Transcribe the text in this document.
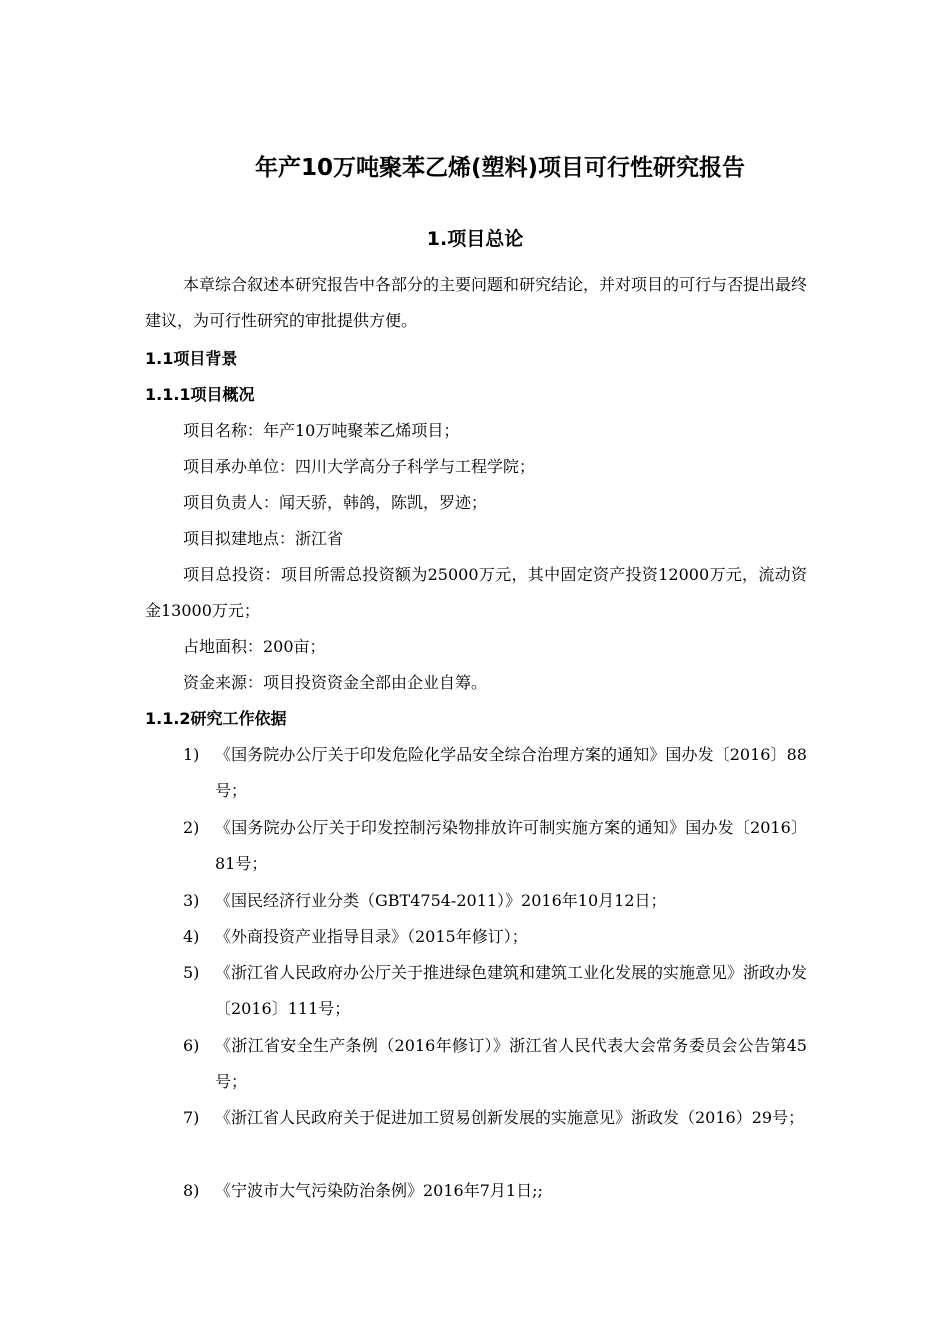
年产10万吨聚苯乙烯(塑料)项目可行性研究报告
1.项目总论

本章综合叙述本研究报告中各部分的主要问题和研究结论，并对项目的可行与否提出最终建议，为可行性研究的审批提供方便。

1.1项目背景
1.1.1项目概况
项目名称：年产10万吨聚苯乙烯项目；
项目承办单位：四川大学高分子科学与工程学院；
项目负责人：闻天骄，韩鸽，陈凯，罗迹；
项目拟建地点：浙江省

项目总投资：项目所需总投资额为25000万元，其中固定资产投资12000万元，流动资金13000万元；

占地面积：200亩；
资金来源：项目投资资金全部由企业自筹。
1.1.2研究工作依据
1) 《国务院办公厅关于印发危险化学品安全综合治理方案的通知》国办发〔2016〕88号；
2) 《国务院办公厅关于印发控制污染物排放许可制实施方案的通知》国办发〔2016〕81号；
3) 《国民经济行业分类（GBT4754-2011）》2016年10月12日；
4) 《外商投资产业指导目录》（2015年修订）；
5) 《浙江省人民政府办公厅关于推进绿色建筑和建筑工业化发展的实施意见》浙政办发〔2016〕111号；
6) 《浙江省安全生产条例（2016年修订）》浙江省人民代表大会常务委员会公告第45号；
7) 《浙江省人民政府关于促进加工贸易创新发展的实施意见》浙政发（2016）29号；
8) 《宁波市大气污染防治条例》2016年7月1日;;
